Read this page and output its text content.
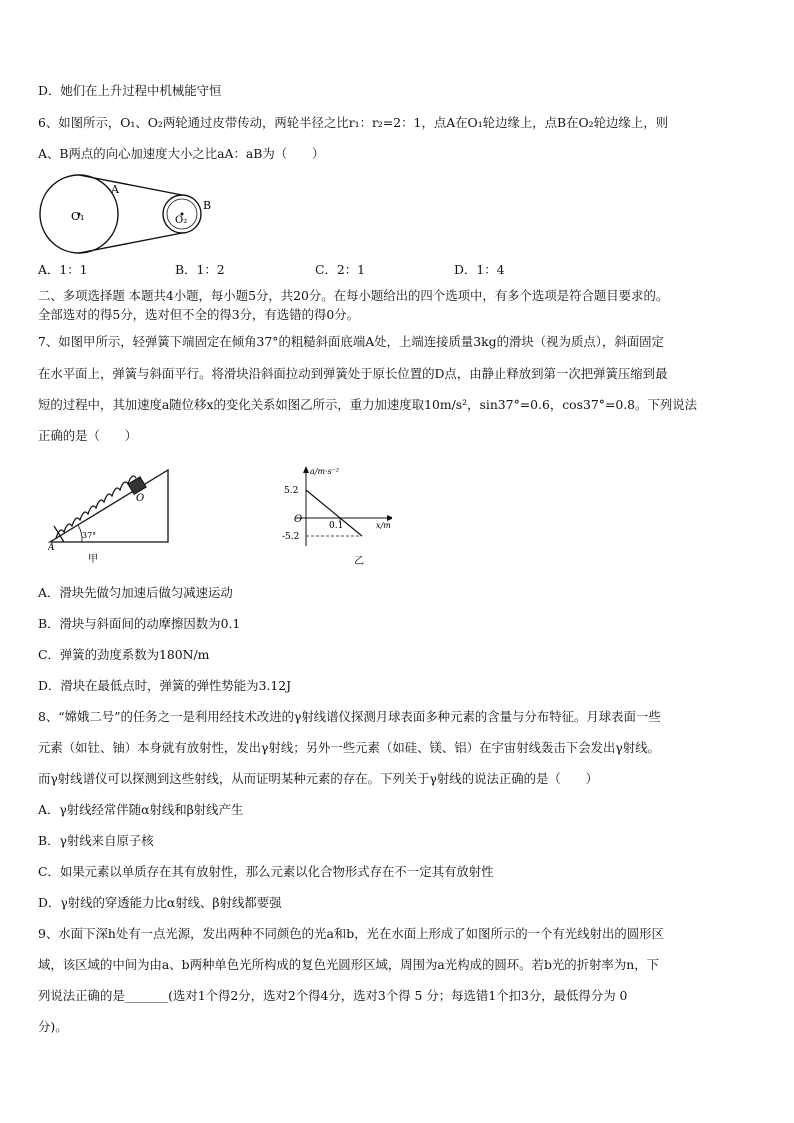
D．她们在上升过程中机械能守恒
6、如图所示，O₁、O₂两轮通过皮带传动，两轮半径之比r₁：r₂=2：1，点A在O₁轮边缘上，点B在O₂轮边缘上，则
A、B两点的向心加速度大小之比aA：aB为（　　）
O₁	O₂
A
B
A．1：1	B．1：2	C．2：1	D．1：4
二、多项选择题 本题共4小题，每小题5分，共20分。在每小题给出的四个选项中，有多个选项是符合题目要求的。
全部选对的得5分，选对但不全的得3分，有选错的得0分。
7、如图甲所示，轻弹簧下端固定在倾角37°的粗糙斜面底端A处，上端连接质量3kg的滑块（视为质点），斜面固定
在水平面上，弹簧与斜面平行。将滑块沿斜面拉动到弹簧处于原长位置的D点，由静止释放到第一次把弹簧压缩到最
短的过程中，其加速度a随位移x的变化关系如图乙所示，重力加速度取10m/s²，sin37°=0.6，cos37°=0.8。下列说法
正确的是（　　）
37°
O
A
甲
a/m·s⁻²
x/m
O
5.2
-5.2
0.1
乙
A．滑块先做匀加速后做匀减速运动
B．滑块与斜面间的动摩擦因数为0.1
C．弹簧的劲度系数为180N/m
D．滑块在最低点时，弹簧的弹性势能为3.12J
8、“嫦娥二号”的任务之一是利用经技术改进的γ射线谱仪探测月球表面多种元素的含量与分布特征。月球表面一些
元素（如钍、铀）本身就有放射性，发出γ射线；另外一些元素（如硅、镁、铝）在宇宙射线轰击下会发出γ射线。
而γ射线谱仪可以探测到这些射线，从而证明某种元素的存在。下列关于γ射线的说法正确的是（　　）
A．γ射线经常伴随α射线和β射线产生
B．γ射线来自原子核
C．如果元素以单质存在其有放射性，那么元素以化合物形式存在不一定其有放射性
D．γ射线的穿透能力比α射线、β射线都要强
9、水面下深h处有一点光源，发出两种不同颜色的光a和b，光在水面上形成了如图所示的一个有光线射出的圆形区
域，该区域的中间为由a、b两种单色光所构成的复色光圆形区域，周围为a光构成的圆环。若b光的折射率为n，下
列说法正确的是_______(选对1个得2分，选对2个得4分，选对3个得 5 分；每选错1个扣3分，最低得分为 0
分)。
